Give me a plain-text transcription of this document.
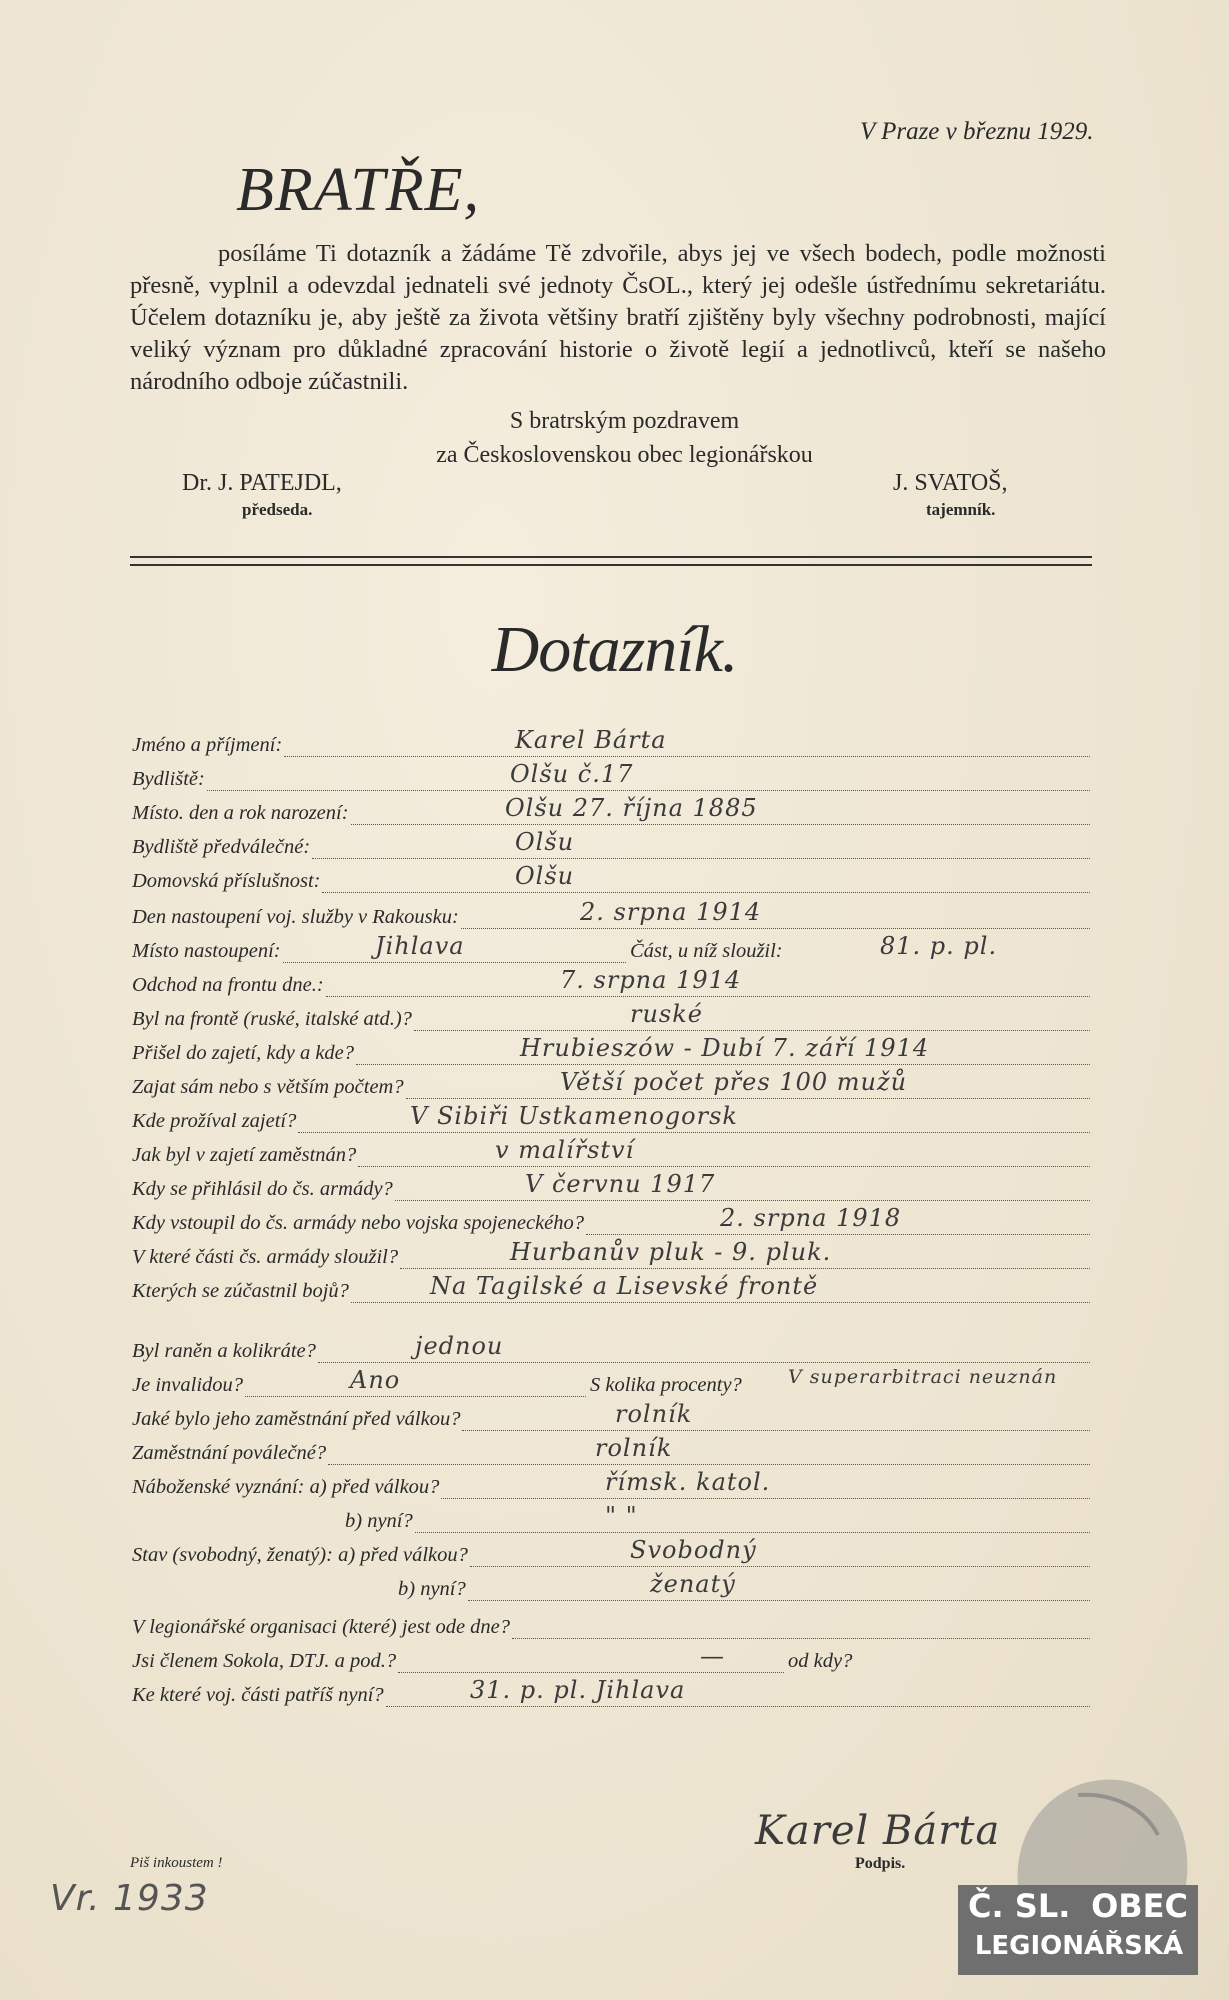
V Praze v březnu 1929.
BRATŘE,
posíláme Ti dotazník a žádáme Tě zdvořile, abys jej ve všech bodech, podle možnosti přesně, vyplnil a odevzdal jednateli své jednoty ČsOL., který jej odešle ústřednímu sekretariátu. Účelem dotazníku je, aby ještě za života většiny bratří zjištěny byly všechny podrobnosti, mající veliký význam pro důkladné zpracování historie o životě legií a jednotlivců, kteří se našeho národního odboje zúčastnili.
S bratrským pozdravem
za Československou obec legionářskou
Dr. J. PATEJDL,
předseda.
J. SVATOŠ,
tajemník.
Dotazník.
Jméno a příjmení:	Karel Bárta
Bydliště:	Olšu č.17
Místo. den a rok narození:	Olšu 27. října 1885
Bydliště předválečné:	Olšu
Domovská příslušnost:	Olšu
Den nastoupení voj. služby v Rakousku:	2. srpna 1914
Místo nastoupení:	Jihlava	Část, u níž sloužil:	81. p. pl.
Odchod na frontu dne.:	7. srpna 1914
Byl na frontě (ruské, italské atd.)?	ruské
Přišel do zajetí, kdy a kde?	Hrubieszów - Dubí 7. září 1914
Zajat sám nebo s větším počtem?	Větší počet přes 100 mužů
Kde prožíval zajetí?	V Sibiři Ustkamenogorsk
Jak byl v zajetí zaměstnán?	v malířství
Kdy se přihlásil do čs. armády?	V červnu 1917
Kdy vstoupil do čs. armády nebo vojska spojeneckého?	2. srpna 1918
V které části čs. armády sloužil?	Hurbanův pluk - 9. pluk.
Kterých se zúčastnil bojů?	Na Tagilské a Lisevské frontě
Byl raněn a kolikráte?	jednou
Je invalidou?	Ano	S kolika procenty? V superarbitraci neuznán
Jaké bylo jeho zaměstnání před válkou?	rolník
Zaměstnání poválečné?	rolník
Náboženské vyznání: a) před válkou?	římsk. katol.
b) nyní?	" "
Stav (svobodný, ženatý): a) před válkou?	Svobodný
b) nyní?	ženatý
V legionářské organisaci (které) jest ode dne?
Jsi členem Sokola, DTJ. a pod.?	—	od kdy?
Ke které voj. části patříš nyní?	31. p. pl. Jihlava
Piš inkoustem !
Karel Bárta
Podpis.
Vr. 1933	Č. SL. OBEC
LEGIONÁŘSKÁ
